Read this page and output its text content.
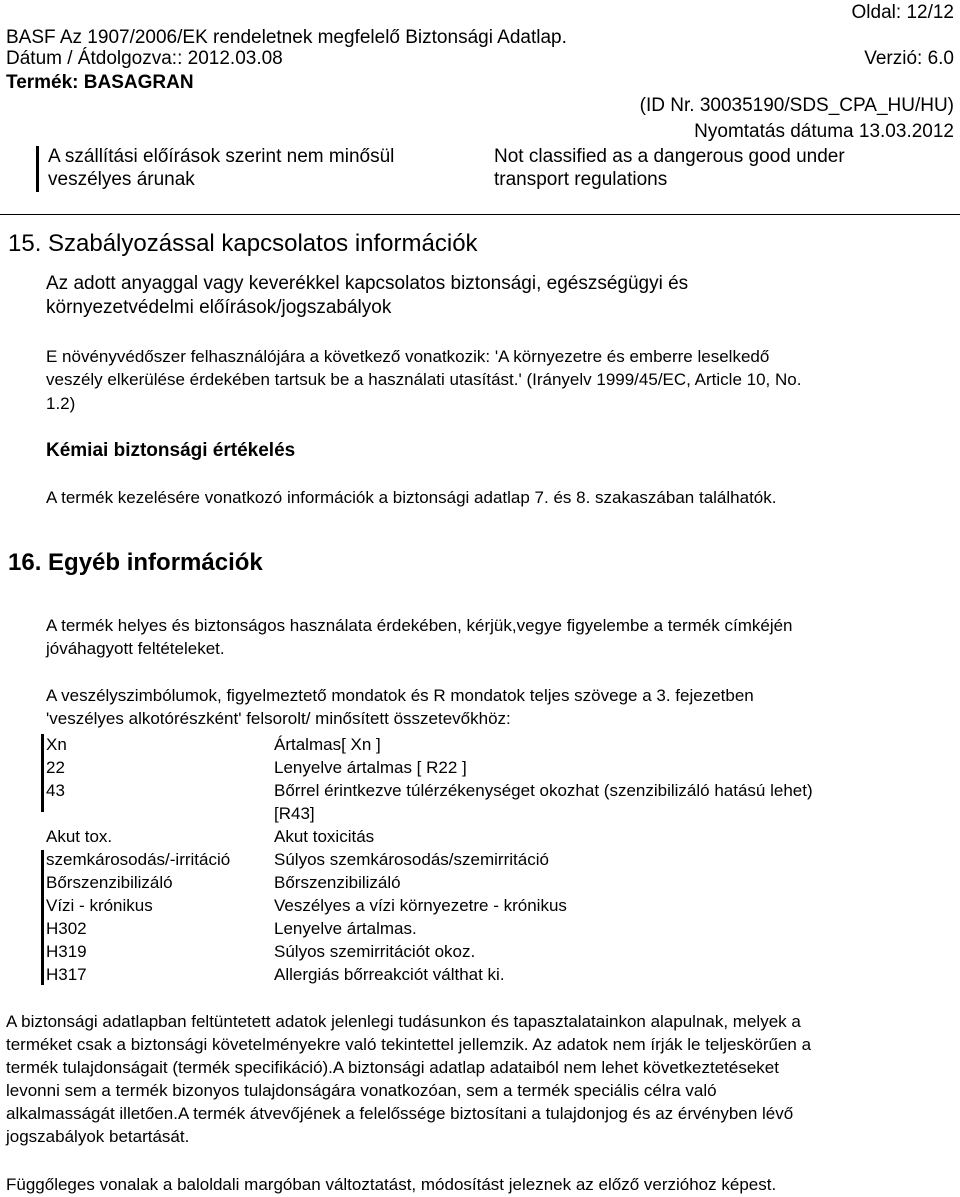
Oldal: 12/12
BASF Az 1907/2006/EK rendeletnek megfelelő Biztonsági Adatlap.
Dátum / Átdolgozva:: 2012.03.08	Verzió: 6.0
Termék: BASAGRAN
(ID Nr. 30035190/SDS_CPA_HU/HU)
Nyomtatás dátuma 13.03.2012
A szállítási előírások szerint nem minősül
veszélyes árunak
Not classified as a dangerous good under
transport regulations
15. Szabályozással kapcsolatos információk
Az adott anyaggal vagy keverékkel kapcsolatos biztonsági, egészségügyi és
környezetvédelmi előírások/jogszabályok
E növényvédőszer felhasználójára a következő vonatkozik: 'A környezetre és emberre leselkedő
veszély elkerülése érdekében tartsuk be a használati utasítást.' (Irányelv 1999/45/EC, Article 10, No.
1.2)
Kémiai biztonsági értékelés
A termék kezelésére vonatkozó információk a biztonsági adatlap 7. és 8. szakaszában találhatók.
16. Egyéb információk
A termék helyes és biztonságos használata érdekében, kérjük,vegye figyelembe a termék címkéjén
jóváhagyott feltételeket.
A veszélyszimbólumok, figyelmeztető mondatok és R mondatok teljes szövege a 3. fejezetben
'veszélyes alkotórészként' felsorolt/ minősített összetevőkhöz:
Xn	Ártalmas[ Xn ]
22	Lenyelve ártalmas [ R22 ]
43	Bőrrel érintkezve túlérzékenységet okozhat (szenzibilizáló hatású lehet)
[R43]
Akut tox.	Akut toxicitás
szemkárosodás/-irritáció	Súlyos szemkárosodás/szemirritáció
Bőrszenzibilizáló	Bőrszenzibilizáló
Vízi - krónikus	Veszélyes a vízi környezetre - krónikus
H302	Lenyelve ártalmas.
H319	Súlyos szemirritációt okoz.
H317	Allergiás bőrreakciót válthat ki.
A biztonsági adatlapban feltüntetett adatok jelenlegi tudásunkon és tapasztalatainkon alapulnak, melyek a
terméket csak a biztonsági követelményekre való tekintettel jellemzik. Az adatok nem írják le teljeskörűen a
termék tulajdonságait (termék specifikáció).A biztonsági adatlap adataiból nem lehet következtetéseket
levonni sem a termék bizonyos tulajdonságára vonatkozóan, sem a termék speciális célra való
alkalmasságát illetően.A termék átvevőjének a felelőssége biztosítani a tulajdonjog és az érvényben lévő
jogszabályok betartását.
Függőleges vonalak a baloldali margóban változtatást, módosítást jeleznek az előző verzióhoz képest.
